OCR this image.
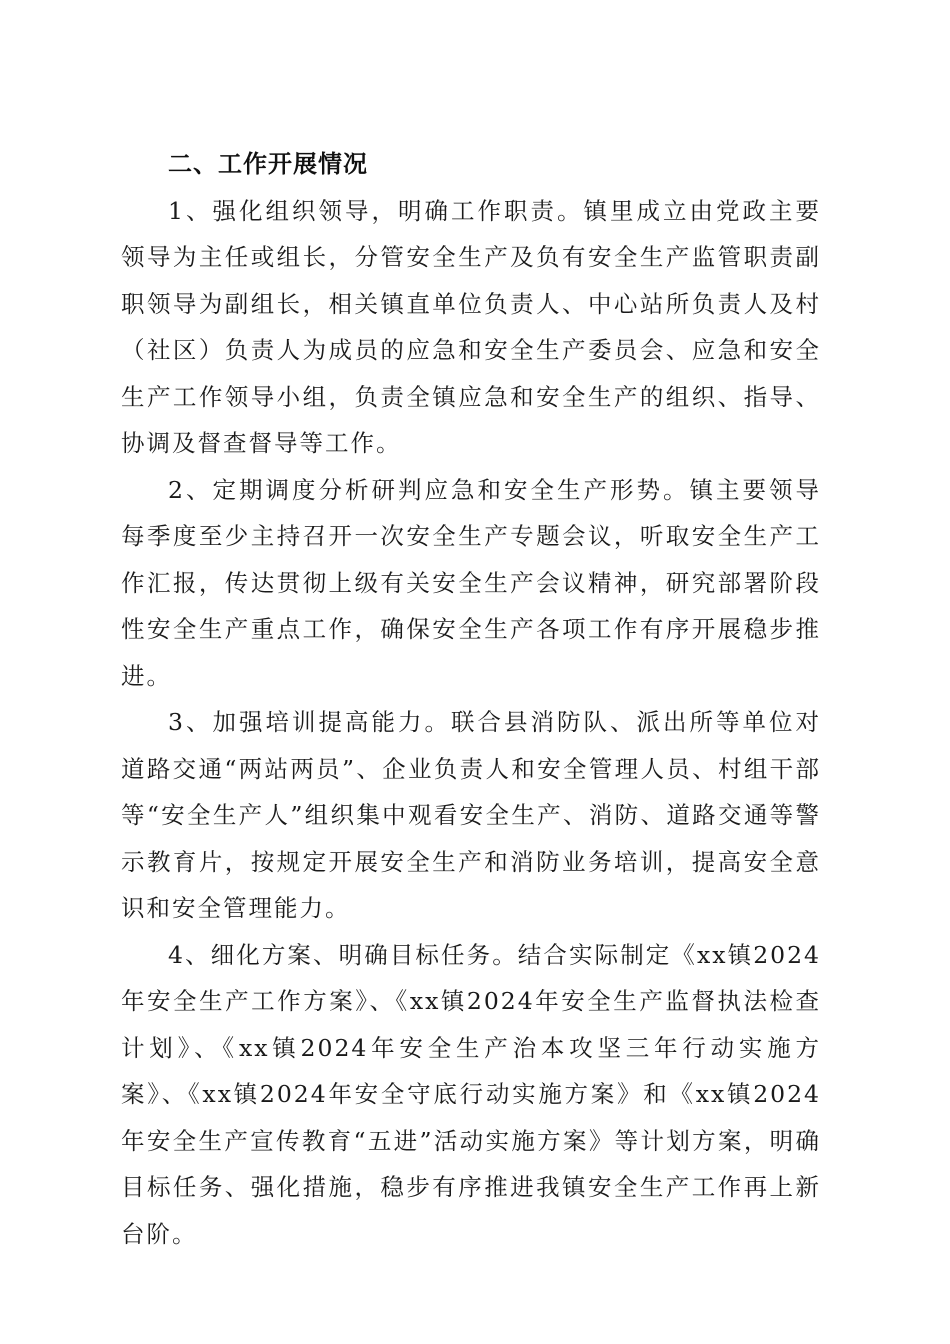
二、工作开展情况

1、强化组织领导，明确工作职责。镇里成立由党政主要领导为主任或组长，分管安全生产及负有安全生产监管职责副职领导为副组长，相关镇直单位负责人、中心站所负责人及村（社区）负责人为成员的应急和安全生产委员会、应急和安全生产工作领导小组，负责全镇应急和安全生产的组织、指导、协调及督查督导等工作。

2、定期调度分析研判应急和安全生产形势。镇主要领导每季度至少主持召开一次安全生产专题会议，听取安全生产工作汇报，传达贯彻上级有关安全生产会议精神，研究部署阶段性安全生产重点工作，确保安全生产各项工作有序开展稳步推进。

3、加强培训提高能力。联合县消防队、派出所等单位对道路交通“两站两员”、企业负责人和安全管理人员、村组干部等“安全生产人”组织集中观看安全生产、消防、道路交通等警示教育片，按规定开展安全生产和消防业务培训，提高安全意识和安全管理能力。

4、细化方案、明确目标任务。结合实际制定《xx镇2024年安全生产工作方案》、《xx镇2024年安全生产监督执法检查计划》、《xx镇2024年安全生产治本攻坚三年行动实施方案》、《xx镇2024年安全守底行动实施方案》和《xx镇2024年安全生产宣传教育“五进”活动实施方案》等计划方案，明确目标任务、强化措施，稳步有序推进我镇安全生产工作再上新台阶。
